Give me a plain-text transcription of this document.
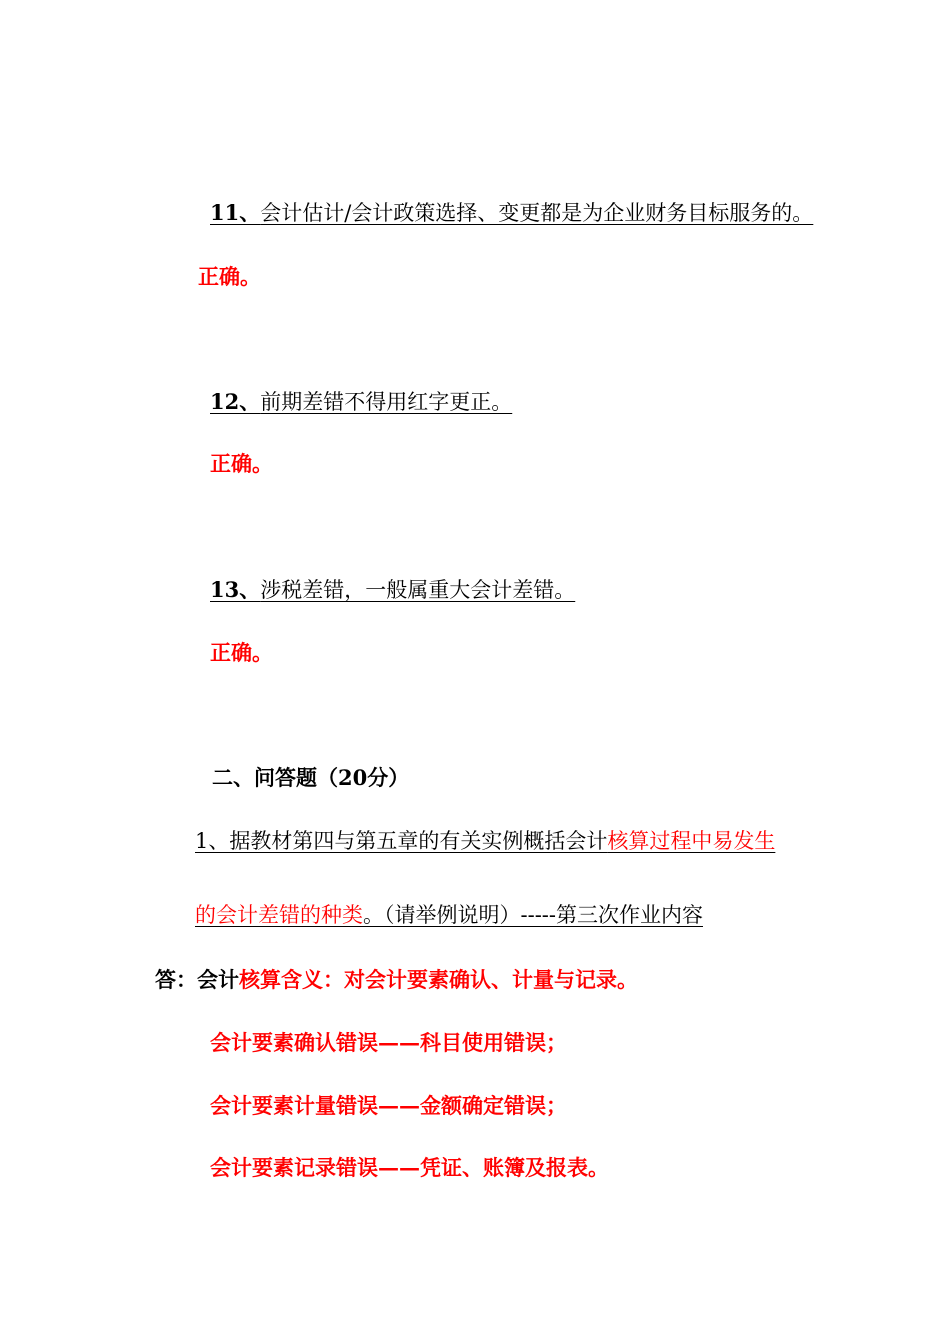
11、会计估计/会计政策选择、变更都是为企业财务目标服务的。
正确。
12、前期差错不得用红字更正。
正确。
13、涉税差错，一般属重大会计差错。
正确。
二、问答题（20分）
1、据教材第四与第五章的有关实例概括会计核算过程中易发生
的会计差错的种类。（请举例说明）-----第三次作业内容
答：会计核算含义：对会计要素确认、计量与记录。
会计要素确认错误——科目使用错误；
会计要素计量错误——金额确定错误；
会计要素记录错误——凭证、账簿及报表。
